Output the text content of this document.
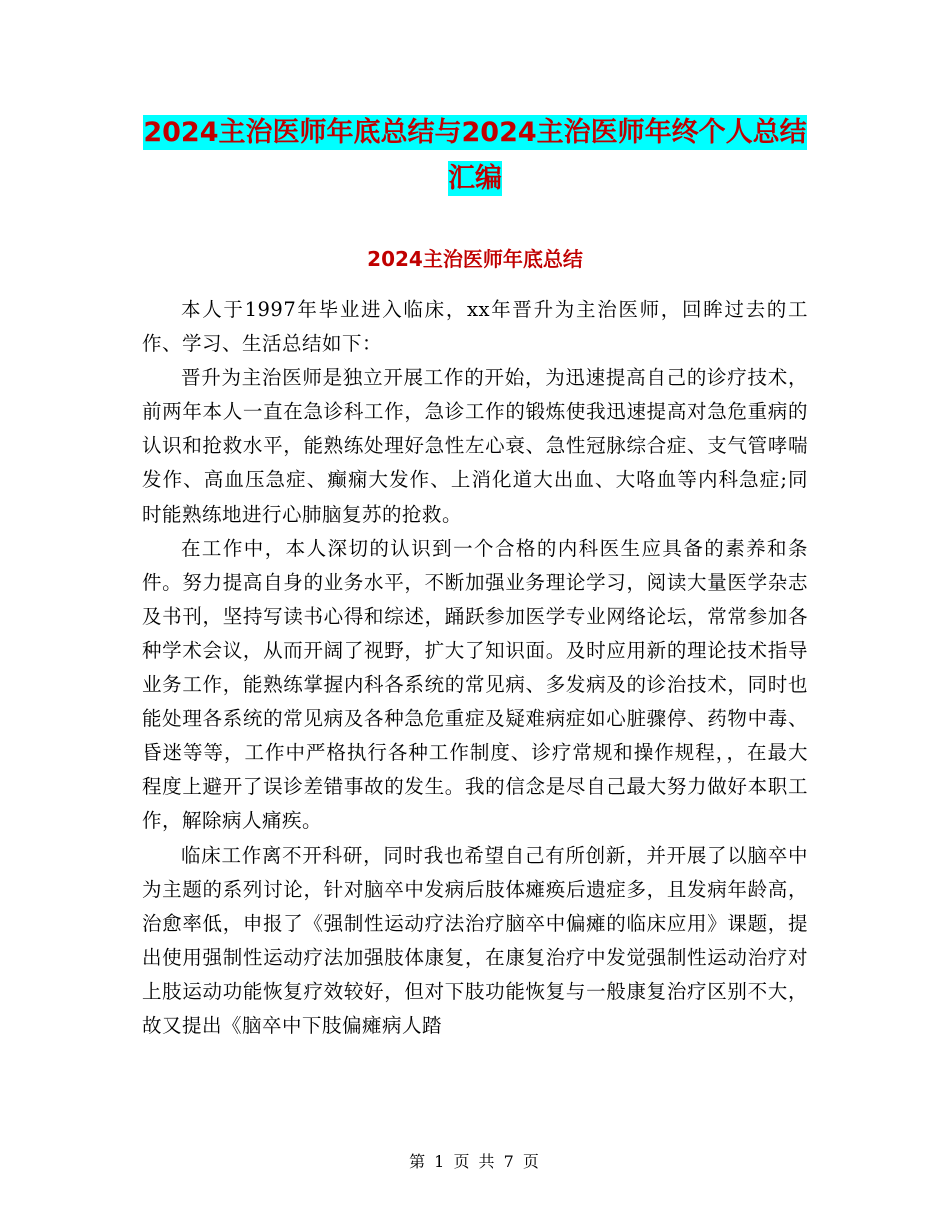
2024主治医师年底总结与2024主治医师年终个人总结
汇编
2024主治医师年底总结

本人于1997年毕业进入临床，xx年晋升为主治医师，回眸过去的工作、学习、生活总结如下：

晋升为主治医师是独立开展工作的开始，为迅速提高自己的诊疗技术，前两年本人一直在急诊科工作，急诊工作的锻炼使我迅速提高对急危重病的认识和抢救水平，能熟练处理好急性左心衰、急性冠脉综合症、支气管哮喘发作、高血压急症、癫痫大发作、上消化道大出血、大咯血等内科急症;同时能熟练地进行心肺脑复苏的抢救。

在工作中，本人深切的认识到一个合格的内科医生应具备的素养和条件。努力提高自身的业务水平，不断加强业务理论学习，阅读大量医学杂志及书刊，坚持写读书心得和综述，踊跃参加医学专业网络论坛，常常参加各种学术会议，从而开阔了视野，扩大了知识面。及时应用新的理论技术指导业务工作，能熟练掌握内科各系统的常见病、多发病及的诊治技术，同时也能处理各系统的常见病及各种急危重症及疑难病症如心脏骤停、药物中毒、昏迷等等，工作中严格执行各种工作制度、诊疗常规和操作规程，，在最大程度上避开了误诊差错事故的发生。我的信念是尽自己最大努力做好本职工作，解除病人痛疾。

临床工作离不开科研，同时我也希望自己有所创新，并开展了以脑卒中为主题的系列讨论，针对脑卒中发病后肢体瘫痪后遗症多，且发病年龄高，治愈率低，申报了《强制性运动疗法治疗脑卒中偏瘫的临床应用》课题，提出使用强制性运动疗法加强肢体康复，在康复治疗中发觉强制性运动治疗对上肢运动功能恢复疗效较好，但对下肢功能恢复与一般康复治疗区别不大，故又提出《脑卒中下肢偏瘫病人踏

第 1 页 共 7 页
